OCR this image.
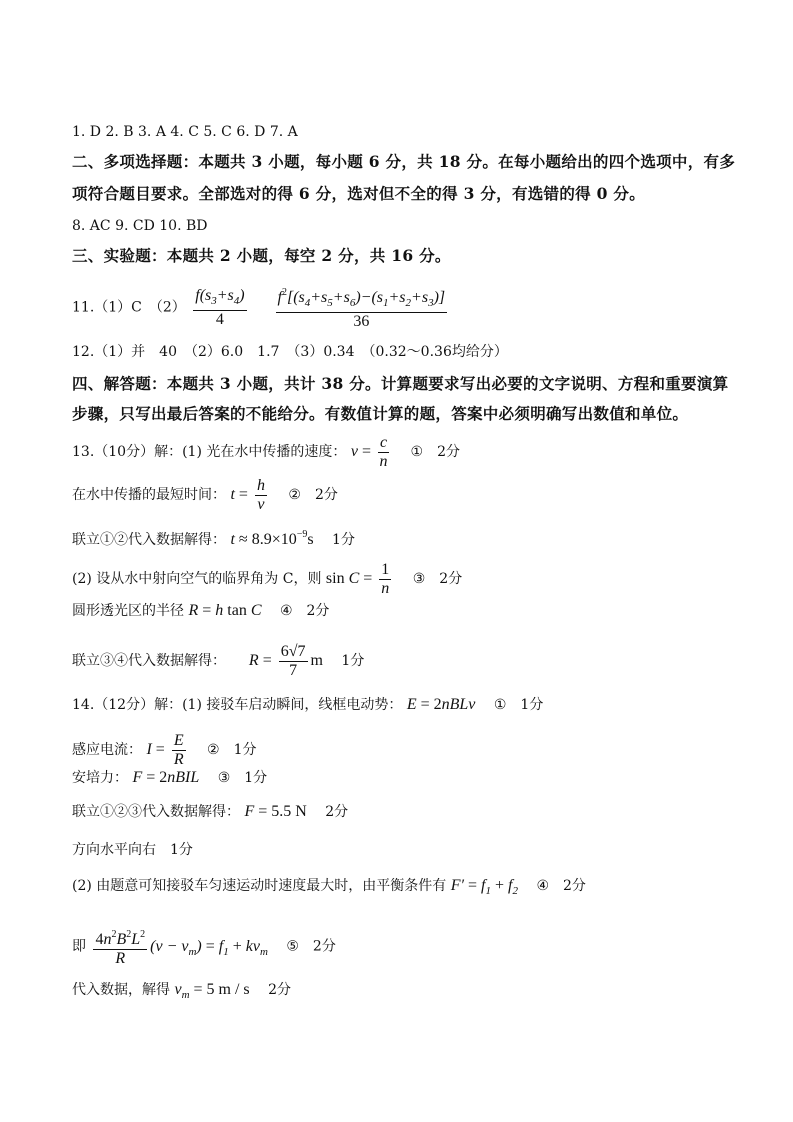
1. D 2. B 3. A 4. C 5. C 6. D 7. A
二、多项选择题：本题共 3 小题，每小题 6 分，共 18 分。在每小题给出的四个选项中，有多
项符合题目要求。全部选对的得 6 分，选对但不全的得 3 分，有选错的得 0 分。
8. AC 9. CD 10. BD
三、实验题：本题共 2 小题，每空 2 分，共 16 分。
11.（1）C　$(2) \frac{f(s_3+s_4)}{4}$
$\frac{f^2[(s_4+s_5+s_6)-(s_1+s_2+s_3)]}{36}$
12.（1）并　40　（2）6.0　1.7　（3）0.34　（0.32～0.36均给分）
四、解答题：本题共 3 小题，共计 38 分。计算题要求写出必要的文字说明、方程和重要演算
步骤，只写出最后答案的不能给分。有数值计算的题，答案中必须明确写出数值和单位。
13.（10分）解：(1) 光在水中传播的速度： $v = \frac{c}{n}$ ①　2分
在水中传播的最短时间： $t = \frac{h}{v}$ ②　2分
联立①②代入数据解得： $t \approx 8.9\times 10^{-9}s$ 1分
(2) 设从水中射向空气的临界角为 C，则 $\sin C = \frac{1}{n}$ ③　2分
圆形透光区的半径 R = h tan C ④　2分
联立③④代入数据解得： $R = \frac{6√7}{7}$ m 1分
14.（12分）解：(1) 接驳车启动瞬间，线框电动势： E = 2nBLv ①　1分
感应电流： $I = \frac{E}{R}$ ②　1分
安培力： F = 2nBIL ③　1分
联立①②③代入数据解得： F = 5.5 N 2分
方向水平向右　1分
(2) 由题意可知接驳车匀速运动时速度最大时，由平衡条件有 $F' = f_1 + f_2$ ④　2分
即 $\frac{4n^2B^2L^2}{R} (v - v_m) = f_1 + kv_m$ ⑤　2分
代入数据，解得 $v_m = 5$ m / s 2分
